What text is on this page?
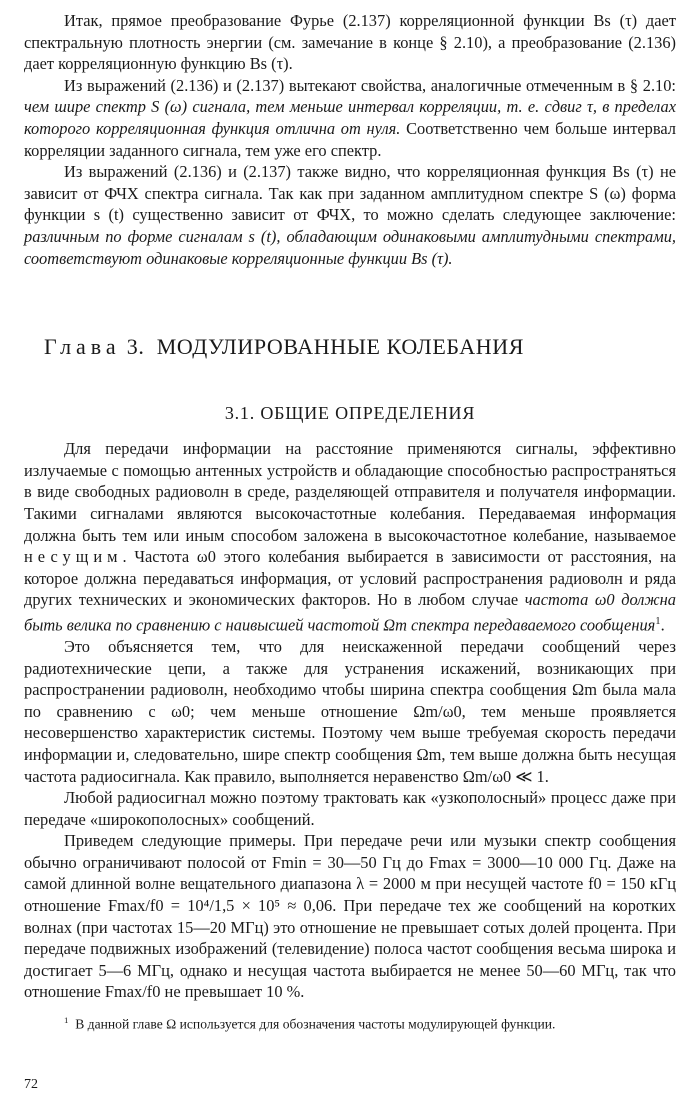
Итак, прямое преобразование Фурье (2.137) корреляционной функции Bs (τ) дает спектральную плотность энергии (см. замечание в конце § 2.10), а преобразование (2.136) дает корреляционную функцию Bs (τ).

Из выражений (2.136) и (2.137) вытекают свойства, аналогичные отмеченным в § 2.10: чем шире спектр S (ω) сигнала, тем меньше интервал корреляции, т. е. сдвиг τ, в пределах которого корреляционная функция отлична от нуля. Соответственно чем больше интервал корреляции заданного сигнала, тем уже его спектр.

Из выражений (2.136) и (2.137) также видно, что корреляционная функция Bs (τ) не зависит от ФЧХ спектра сигнала. Так как при заданном амплитудном спектре S (ω) форма функции s (t) существенно зависит от ФЧХ, то можно сделать следующее заключение: различным по форме сигналам s (t), обладающим одинаковыми амплитудными спектрами, соответствуют одинаковые корреляционные функции Bs (τ).

Глава 3. МОДУЛИРОВАННЫЕ КОЛЕБАНИЯ
3.1. ОБЩИЕ ОПРЕДЕЛЕНИЯ

Для передачи информации на расстояние применяются сигналы, эффективно излучаемые с помощью антенных устройств и обладающие способностью распространяться в виде свободных радиоволн в среде, разделяющей отправителя и получателя информации. Такими сигналами являются высокочастотные колебания. Передаваемая информация должна быть тем или иным способом заложена в высокочастотное колебание, называемое несущим. Частота ω0 этого колебания выбирается в зависимости от расстояния, на которое должна передаваться информация, от условий распространения радиоволн и ряда других технических и экономических факторов. Но в любом случае частота ω0 должна быть велика по сравнению с наивысшей частотой Ωm спектра передаваемого сообщения$^1$.

Это объясняется тем, что для неискаженной передачи сообщений через радиотехнические цепи, а также для устранения искажений, возникающих при распространении радиоволн, необходимо чтобы ширина спектра сообщения Ωm была мала по сравнению с ω0; чем меньше отношение Ωm/ω0, тем меньше проявляется несовершенство характеристик системы. Поэтому чем выше требуемая скорость передачи информации и, следовательно, шире спектр сообщения Ωm, тем выше должна быть несущая частота радиосигнала. Как правило, выполняется неравенство Ωm/ω0 ≪ 1.

Любой радиосигнал можно поэтому трактовать как «узкополосный» процесс даже при передаче «широкополосных» сообщений.

Приведем следующие примеры. При передаче речи или музыки спектр сообщения обычно ограничивают полосой от Fmin = 30—50 Гц до Fmax = 3000—10 000 Гц. Даже на самой длинной волне вещательного диапазона λ = 2000 м при несущей частоте f0 = 150 кГц отношение Fmax/f0 = 10⁴/1,5 × 10⁵ ≈ 0,06. При передаче тех же сообщений на коротких волнах (при частотах 15—20 МГц) это отношение не превышает сотых долей процента. При передаче подвижных изображений (телевидение) полоса частот сообщения весьма широка и достигает 5—6 МГц, однако и несущая частота выбирается не менее 50—60 МГц, так что отношение Fmax/f0 не превышает 10 %.

$^1$ В данной главе Ω используется для обозначения частоты модулирующей функции.

72
